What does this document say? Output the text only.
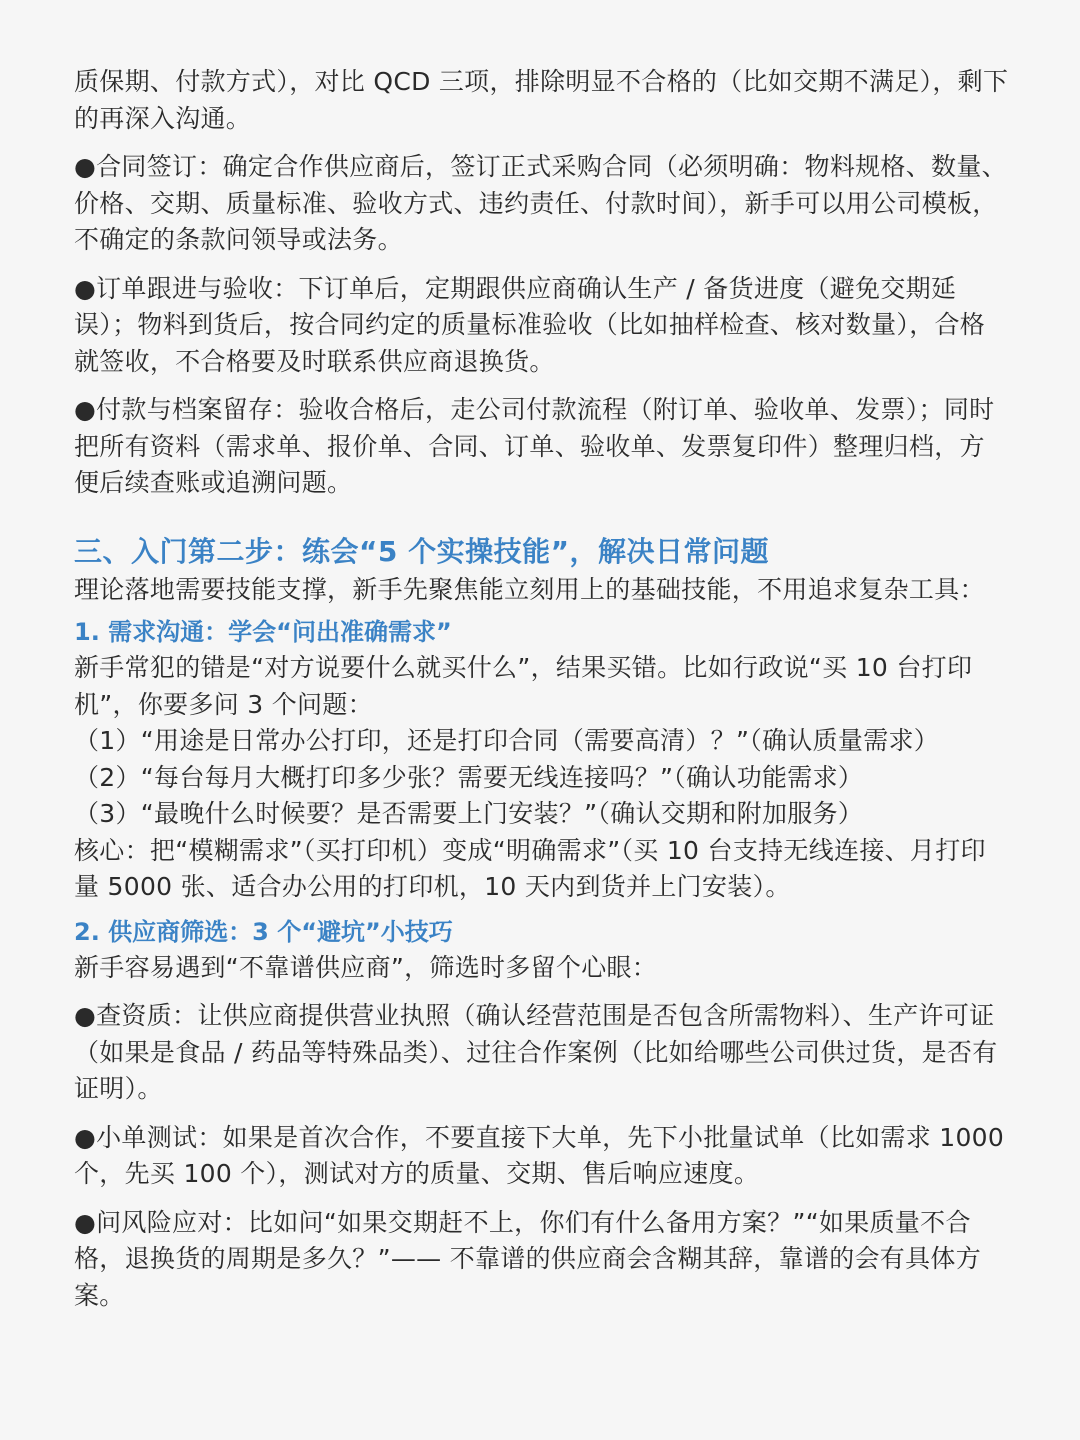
质保期、付款方式），对比 QCD 三项，排除明显不合格的（比如交期不满足），剩下的再深入沟通。

●合同签订：确定合作供应商后，签订正式采购合同（必须明确：物料规格、数量、价格、交期、质量标准、验收方式、违约责任、付款时间），新手可以用公司模板，不确定的条款问领导或法务。

●订单跟进与验收：下订单后，定期跟供应商确认生产 / 备货进度（避免交期延误）；物料到货后，按合同约定的质量标准验收（比如抽样检查、核对数量），合格就签收，不合格要及时联系供应商退换货。

●付款与档案留存：验收合格后，走公司付款流程（附订单、验收单、发票）；同时把所有资料（需求单、报价单、合同、订单、验收单、发票复印件）整理归档，方便后续查账或追溯问题。

三、入门第二步：练会“5 个实操技能”，解决日常问题

理论落地需要技能支撑，新手先聚焦能立刻用上的基础技能，不用追求复杂工具：

1. 需求沟通：学会“问出准确需求”

新手常犯的错是“对方说要什么就买什么”，结果买错。比如行政说“买 10 台打印机”，你要多问 3 个问题：

（1）“用途是日常办公打印，还是打印合同（需要高清）？”（确认质量需求）

（2）“每台每月大概打印多少张？需要无线连接吗？”（确认功能需求）

（3）“最晚什么时候要？是否需要上门安装？”（确认交期和附加服务）

核心：把“模糊需求”（买打印机）变成“明确需求”（买 10 台支持无线连接、月打印量 5000 张、适合办公用的打印机，10 天内到货并上门安装）。

2. 供应商筛选：3 个“避坑”小技巧

新手容易遇到“不靠谱供应商”，筛选时多留个心眼：

●查资质：让供应商提供营业执照（确认经营范围是否包含所需物料）、生产许可证（如果是食品 / 药品等特殊品类）、过往合作案例（比如给哪些公司供过货，是否有证明）。

●小单测试：如果是首次合作，不要直接下大单，先下小批量试单（比如需求 1000 个，先买 100 个），测试对方的质量、交期、售后响应速度。

●问风险应对：比如问“如果交期赶不上，你们有什么备用方案？”“如果质量不合格，退换货的周期是多久？”—— 不靠谱的供应商会含糊其辞，靠谱的会有具体方案。
